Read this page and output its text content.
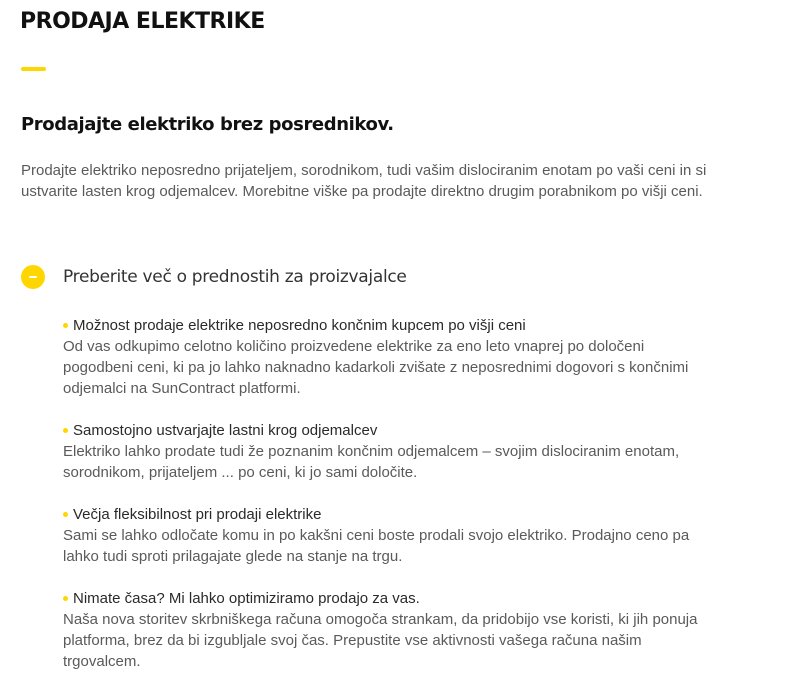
PRODAJA ELEKTRIKE
Prodajajte elektriko brez posrednikov.

Prodajte elektriko neposredno prijateljem, sorodnikom, tudi vašim dislociranim enotam po vaši ceni in si ustvarite lasten krog odjemalcev. Morebitne viške pa prodajte direktno drugim porabnikom po višji ceni.

Preberite več o prednostih za proizvajalce
Možnost prodaje elektrike neposredno končnim kupcem po višji ceni
Od vas odkupimo celotno količino proizvedene elektrike za eno leto vnaprej po določeni pogodbeni ceni, ki pa jo lahko naknadno kadarkoli zvišate z neposrednimi dogovori s končnimi odjemalci na SunContract platformi.
Samostojno ustvarjajte lastni krog odjemalcev
Elektriko lahko prodate tudi že poznanim končnim odjemalcem – svojim dislociranim enotam, sorodnikom, prijateljem ... po ceni, ki jo sami določite.
Večja fleksibilnost pri prodaji elektrike
Sami se lahko odločate komu in po kakšni ceni boste prodali svojo elektriko. Prodajno ceno pa lahko tudi sproti prilagajate glede na stanje na trgu.
Nimate časa? Mi lahko optimiziramo prodajo za vas.
Naša nova storitev skrbniškega računa omogoča strankam, da pridobijo vse koristi, ki jih ponuja platforma, brez da bi izgubljale svoj čas. Prepustite vse aktivnosti vašega računa našim trgovalcem.
